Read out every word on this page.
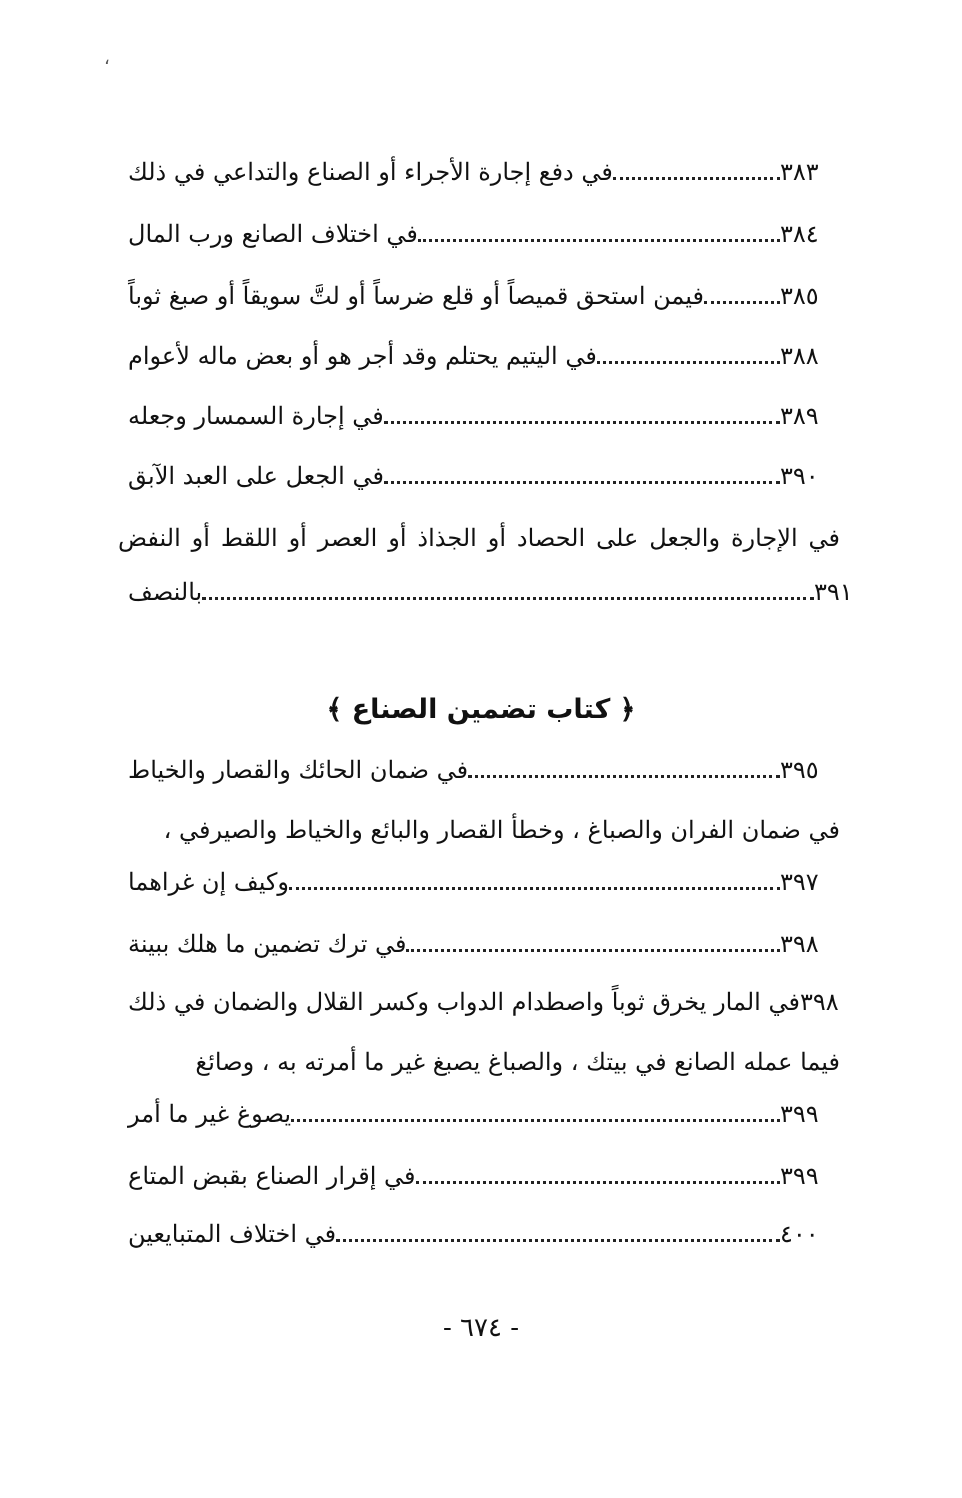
،
في دفع إجارة الأجراء أو الصناع والتداعي في ذلك	٣٨٣
في اختلاف الصانع ورب المال	٣٨٤
فيمن استحق قميصاً أو قلع ضرساً أو لتَّ سويقاً أو صبغ ثوباً	٣٨٥
في اليتيم يحتلم وقد أجر هو أو بعض ماله لأعوام	٣٨٨
في إجارة السمسار وجعله	٣٨٩
في الجعل على العبد الآبق	٣٩٠
في الإجارة والجعل على الحصاد أو الجذاذ أو العصر أو اللقط أو النفض
بالنصف	٣٩١
﴿ كتاب تضمين الصناع ﴾
في ضمان الحائك والقصار والخياط	٣٩٥
في ضمان الفران والصباغ ، وخطأ القصار والبائع والخياط والصيرفي ،
وكيف إن غراهما	٣٩٧
في ترك تضمين ما هلك ببينة	٣٩٨
في المار يخرق ثوباً واصطدام الدواب وكسر القلال والضمان في ذلك ٣٩٨
فيما عمله الصانع في بيتك ، والصباغ يصبغ غير ما أمرته به ، وصائغ
يصوغ غير ما أمر	٣٩٩
في إقرار الصناع بقبض المتاع	٣٩٩
في اختلاف المتبايعين	٤٠٠
- ٦٧٤ -
